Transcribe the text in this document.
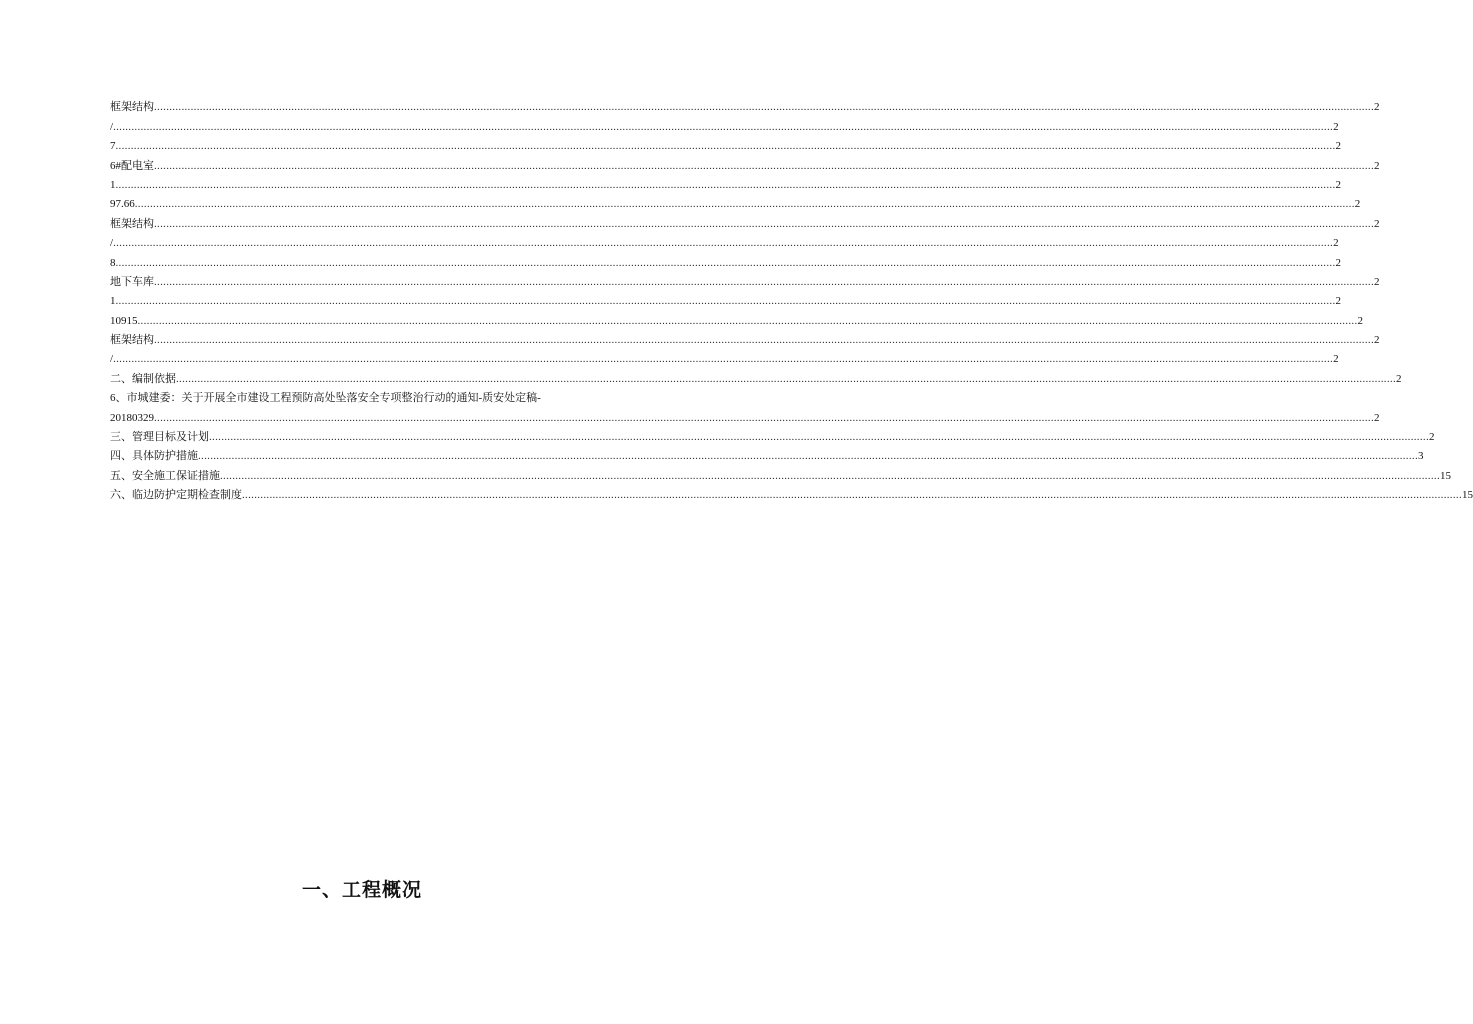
框架结构 ................................................................................................................................................................................................................................................................................................................................................................................................................ 2
/ ................................................................................................................................................................................................................................................................................................................................................................................................................ 2
7 ................................................................................................................................................................................................................................................................................................................................................................................................................ 2
6#配电室 ................................................................................................................................................................................................................................................................................................................................................................................................................ 2
1 ................................................................................................................................................................................................................................................................................................................................................................................................................ 2
97.66 ................................................................................................................................................................................................................................................................................................................................................................................................................ 2
框架结构 ................................................................................................................................................................................................................................................................................................................................................................................................................ 2
/ ................................................................................................................................................................................................................................................................................................................................................................................................................ 2
8 ................................................................................................................................................................................................................................................................................................................................................................................................................ 2
地下车库 ................................................................................................................................................................................................................................................................................................................................................................................................................ 2
1 ................................................................................................................................................................................................................................................................................................................................................................................................................ 2
10915 ................................................................................................................................................................................................................................................................................................................................................................................................................ 2
框架结构 ................................................................................................................................................................................................................................................................................................................................................................................................................ 2
/ ................................................................................................................................................................................................................................................................................................................................................................................................................ 2
二、编制依据 ................................................................................................................................................................................................................................................................................................................................................................................................................ 2
6、市城建委：关于开展全市建设工程预防高处坠落安全专项整治行动的通知-质安处定稿-
20180329 ................................................................................................................................................................................................................................................................................................................................................................................................................ 2
三、管理目标及计划 ................................................................................................................................................................................................................................................................................................................................................................................................................ 2
四、具体防护措施 ................................................................................................................................................................................................................................................................................................................................................................................................................ 3
五、安全施工保证措施 ................................................................................................................................................................................................................................................................................................................................................................................................................ 15
六、临边防护定期检查制度 ................................................................................................................................................................................................................................................................................................................................................................................................................ 15
一、工程概况
